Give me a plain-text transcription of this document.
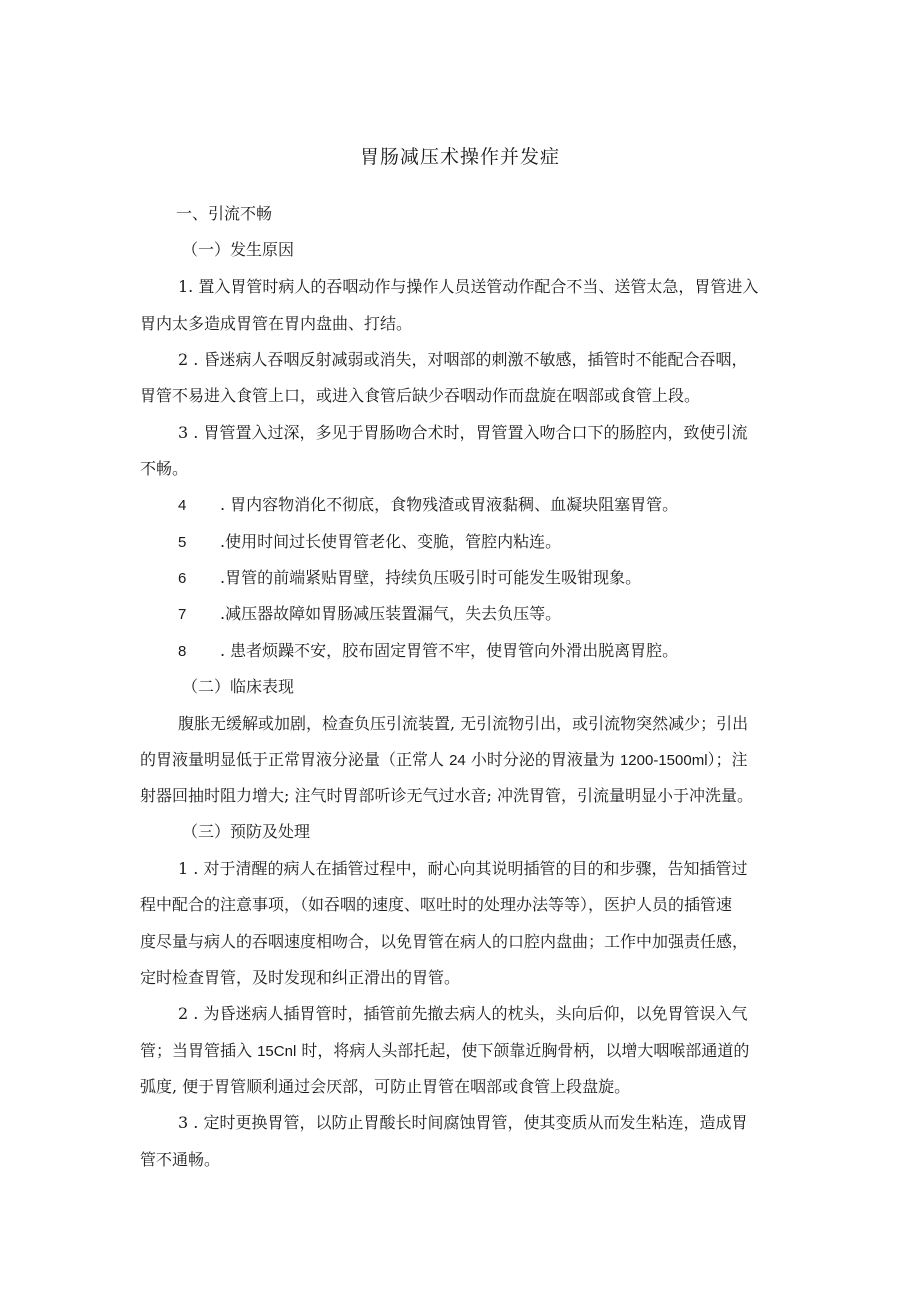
胃肠减压术操作并发症
一、引流不畅
（一）发生原因
1. 置入胃管时病人的吞咽动作与操作人员送管动作配合不当、送管太急，胃管进入
胃内太多造成胃管在胃内盘曲、打结。
2 . 昏迷病人吞咽反射减弱或消失，对咽部的刺激不敏感，插管时不能配合吞咽，
胃管不易进入食管上口，或进入食管后缺少吞咽动作而盘旋在咽部或食管上段。
3 . 胃管置入过深，多见于胃肠吻合术时，胃管置入吻合口下的肠腔内，致使引流
不畅。
4 . 胃内容物消化不彻底，食物残渣或胃液黏稠、血凝块阻塞胃管。
5 .使用时间过长使胃管老化、变脆，管腔内粘连。
6 .胃管的前端紧贴胃壁，持续负压吸引时可能发生吸钳现象。
7 .减压器故障如胃肠减压装置漏气，失去负压等。
8 . 患者烦躁不安，胶布固定胃管不牢，使胃管向外滑出脱离胃腔。
（二）临床表现
腹胀无缓解或加剧，检查负压引流装置, 无引流物引出，或引流物突然减少；引出
的胃液量明显低于正常胃液分泌量（正常人 24 小时分泌的胃液量为 1200-1500ml）；注
射器回抽时阻力增大; 注气时胃部听诊无气过水音; 冲洗胃管，引流量明显小于冲洗量。
（三）预防及处理
1 . 对于清醒的病人在插管过程中，耐心向其说明插管的目的和步骤，告知插管过
程中配合的注意事项，（如吞咽的速度、呕吐时的处理办法等等），医护人员的插管速
度尽量与病人的吞咽速度相吻合，以免胃管在病人的口腔内盘曲；工作中加强责任感，
定时检查胃管，及时发现和纠正滑出的胃管。
2 . 为昏迷病人插胃管时，插管前先撤去病人的枕头，头向后仰，以免胃管误入气
管；当胃管插入 15Cnl 时，将病人头部托起，使下颌靠近胸骨柄，以增大咽喉部通道的
弧度, 便于胃管顺利通过会厌部，可防止胃管在咽部或食管上段盘旋。
3 . 定时更换胃管，以防止胃酸长时间腐蚀胃管，使其变质从而发生粘连，造成胃
管不通畅。
